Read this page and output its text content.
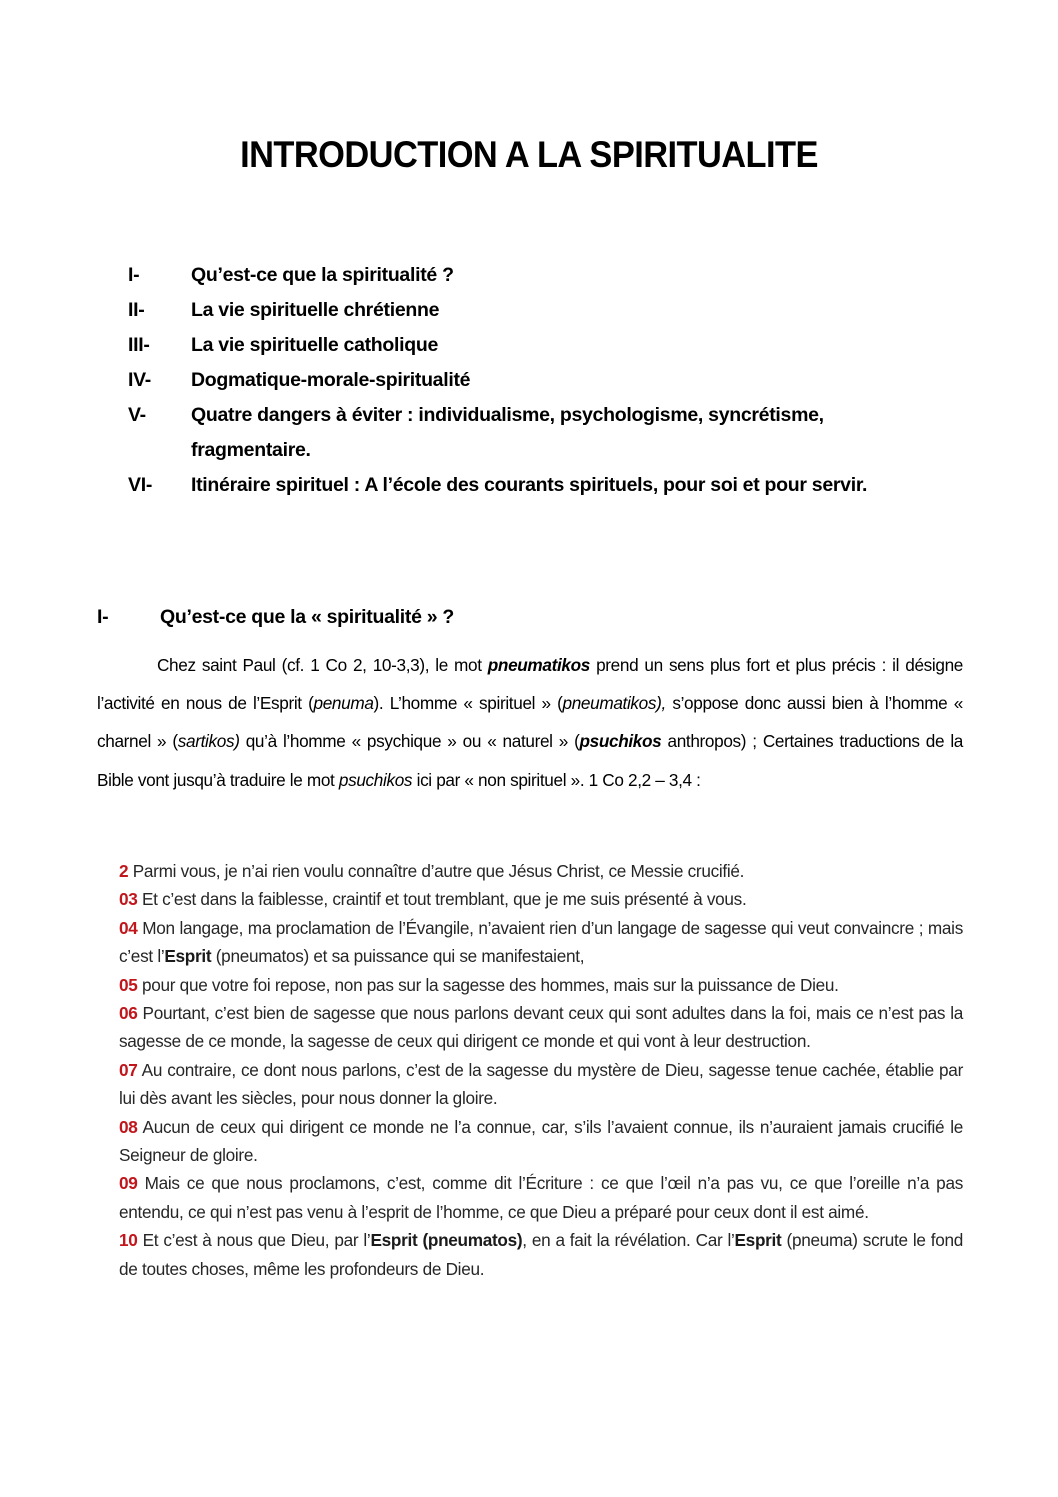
INTRODUCTION A LA SPIRITUALITE
I-	Qu’est-ce que la spiritualité ?
II-	La vie spirituelle chrétienne
III-	La vie spirituelle catholique
IV-	Dogmatique-morale-spiritualité
V-	Quatre dangers à éviter : individualisme, psychologisme, syncrétisme, fragmentaire.
VI-	Itinéraire spirituel : A l’école des courants spirituels, pour soi et pour servir.
I-	Qu’est-ce que la « spiritualité » ?

Chez saint Paul (cf. 1 Co 2, 10-3,3), le mot pneumatikos prend un sens plus fort et plus précis : il désigne l’activité en nous de l’Esprit (penuma). L’homme « spirituel » (pneumatikos), s’oppose donc aussi bien à l’homme « charnel » (sartikos) qu’à l’homme « psychique » ou « naturel » (psuchikos anthropos) ; Certaines traductions de la Bible vont jusqu’à traduire le mot psuchikos ici par « non spirituel ». 1 Co 2,2 – 3,4 :

2 Parmi vous, je n’ai rien voulu connaître d’autre que Jésus Christ, ce Messie crucifié.
03 Et c’est dans la faiblesse, craintif et tout tremblant, que je me suis présenté à vous.
04 Mon langage, ma proclamation de l’Évangile, n’avaient rien d’un langage de sagesse qui veut convaincre ; mais c’est l’Esprit (pneumatos) et sa puissance qui se manifestaient,
05 pour que votre foi repose, non pas sur la sagesse des hommes, mais sur la puissance de Dieu.
06 Pourtant, c’est bien de sagesse que nous parlons devant ceux qui sont adultes dans la foi, mais ce n’est pas la sagesse de ce monde, la sagesse de ceux qui dirigent ce monde et qui vont à leur destruction.
07 Au contraire, ce dont nous parlons, c’est de la sagesse du mystère de Dieu, sagesse tenue cachée, établie par lui dès avant les siècles, pour nous donner la gloire.
08 Aucun de ceux qui dirigent ce monde ne l’a connue, car, s’ils l’avaient connue, ils n’auraient jamais crucifié le Seigneur de gloire.
09 Mais ce que nous proclamons, c’est, comme dit l’Écriture : ce que l’œil n’a pas vu, ce que l’oreille n’a pas entendu, ce qui n’est pas venu à l’esprit de l’homme, ce que Dieu a préparé pour ceux dont il est aimé.
10 Et c’est à nous que Dieu, par l’Esprit (pneumatos), en a fait la révélation. Car l’Esprit (pneuma) scrute le fond de toutes choses, même les profondeurs de Dieu.
